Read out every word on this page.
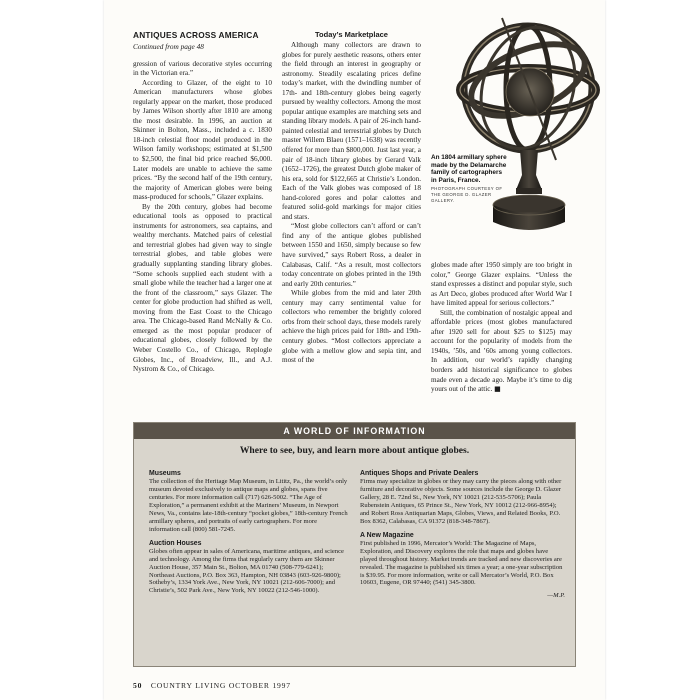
ANTIQUES ACROSS AMERICA

Continued from page 48

gression of various decorative styles occurring in the Victorian era.”

According to Glazer, of the eight to 10 American manufacturers whose globes regularly appear on the market, those produced by James Wilson shortly after 1810 are among the most desirable. In 1996, an auction at Skinner in Bolton, Mass., included a c. 1830 18-inch celestial floor model produced in the Wilson family workshops; estimated at $1,500 to $2,500, the final bid price reached $6,000. Later models are unable to achieve the same prices. “By the second half of the 19th century, the majority of American globes were being mass-produced for schools,” Glazer explains.

By the 20th century, globes had become educational tools as opposed to practical instruments for astronomers, sea captains, and wealthy merchants. Matched pairs of celestial and terrestrial globes had given way to single terrestrial globes, and table globes were gradually supplanting standing library globes. “Some schools supplied each student with a small globe while the teacher had a larger one at the front of the classroom,” says Glazer. The center for globe production had shifted as well, moving from the East Coast to the Chicago area. The Chicago-based Rand McNally & Co. emerged as the most popular producer of educational globes, closely followed by the Weber Costello Co., of Chicago, Replogle Globes, Inc., of Broadview, Ill., and A.J. Nystrom & Co., of Chicago.

Today’s Marketplace

Although many collectors are drawn to globes for purely aesthetic reasons, others enter the field through an interest in geography or astronomy. Steadily escalating prices define today’s market, with the dwindling number of 17th- and 18th-century globes being eagerly pursued by wealthy collectors. Among the most popular antique examples are matching sets and standing library models. A pair of 26-inch hand-painted celestial and terrestrial globes by Dutch master Willem Blaeu (1571–1638) was recently offered for more than $800,000. Just last year, a pair of 18-inch library globes by Gerard Valk (1652–1726), the greatest Dutch globe maker of his era, sold for $122,665 at Christie’s London. Each of the Valk globes was composed of 18 hand-colored gores and polar calottes and featured solid-gold markings for major cities and stars.

“Most globe collectors can’t afford or can’t find any of the antique globes published between 1550 and 1650, simply because so few have survived,” says Robert Ross, a dealer in Calabasas, Calif. “As a result, most collectors today concentrate on globes printed in the 19th and early 20th centuries.”

While globes from the mid and later 20th century may carry sentimental value for collectors who remember the brightly colored orbs from their school days, these models rarely achieve the high prices paid for 18th- and 19th-century globes. “Most collectors appreciate a globe with a mellow glow and sepia tint, and most of the

An 1804 armillary sphere made by the Delamarche family of cartographers in Paris, France.
PHOTOGRAPH COURTESY OF THE GEORGE D. GLAZER GALLERY.

globes made after 1950 simply are too bright in color,” George Glazer explains. “Unless the stand expresses a distinct and popular style, such as Art Deco, globes produced after World War I have limited appeal for serious collectors.”

Still, the combination of nostalgic appeal and affordable prices (most globes manufactured after 1920 sell for about $25 to $125) may account for the popularity of models from the 1940s, ’50s, and ’60s among young collectors. In addition, our world’s rapidly changing borders add historical significance to globes made even a decade ago. Maybe it’s time to dig yours out of the attic. ■

A WORLD OF INFORMATION
Where to see, buy, and learn more about antique globes.
Museums

The collection of the Heritage Map Museum, in Lititz, Pa., the world’s only museum devoted exclusively to antique maps and globes, spans five centuries. For more information call (717) 626-5002. “The Age of Exploration,” a permanent exhibit at the Mariners’ Museum, in Newport News, Va., contains late-18th-century “pocket globes,” 18th-century French armillary spheres, and portraits of early cartographers. For more information call (800) 581-7245.

Auction Houses

Globes often appear in sales of Americana, maritime antiques, and science and technology. Among the firms that regularly carry them are Skinner Auction House, 357 Main St., Bolton, MA 01740 (508-779-6241); Northeast Auctions, P.O. Box 363, Hampton, NH 03843 (603-926-9800); Sotheby’s, 1334 York Ave., New York, NY 10021 (212-606-7000); and Christie’s, 502 Park Ave., New York, NY 10022 (212-546-1000).

Antiques Shops and Private Dealers

Firms may specialize in globes or they may carry the pieces along with other furniture and decorative objects. Some sources include the George D. Glazer Gallery, 28 E. 72nd St., New York, NY 10021 (212-535-5706); Paula Rubenstein Antiques, 65 Prince St., New York, NY 10012 (212-966-8954); and Robert Ross Antiquarian Maps, Globes, Views, and Related Books, P.O. Box 8362, Calabasas, CA 91372 (818-348-7867).

A New Magazine

First published in 1996, Mercator’s World: The Magazine of Maps, Exploration, and Discovery explores the role that maps and globes have played throughout history. Market trends are tracked and new discoveries are revealed. The magazine is published six times a year; a one-year subscription is $39.95. For more information, write or call Mercator’s World, P.O. Box 10603, Eugene, OR 97440; (541) 345-3800.

—M.P.
50 COUNTRY LIVING OCTOBER 1997
